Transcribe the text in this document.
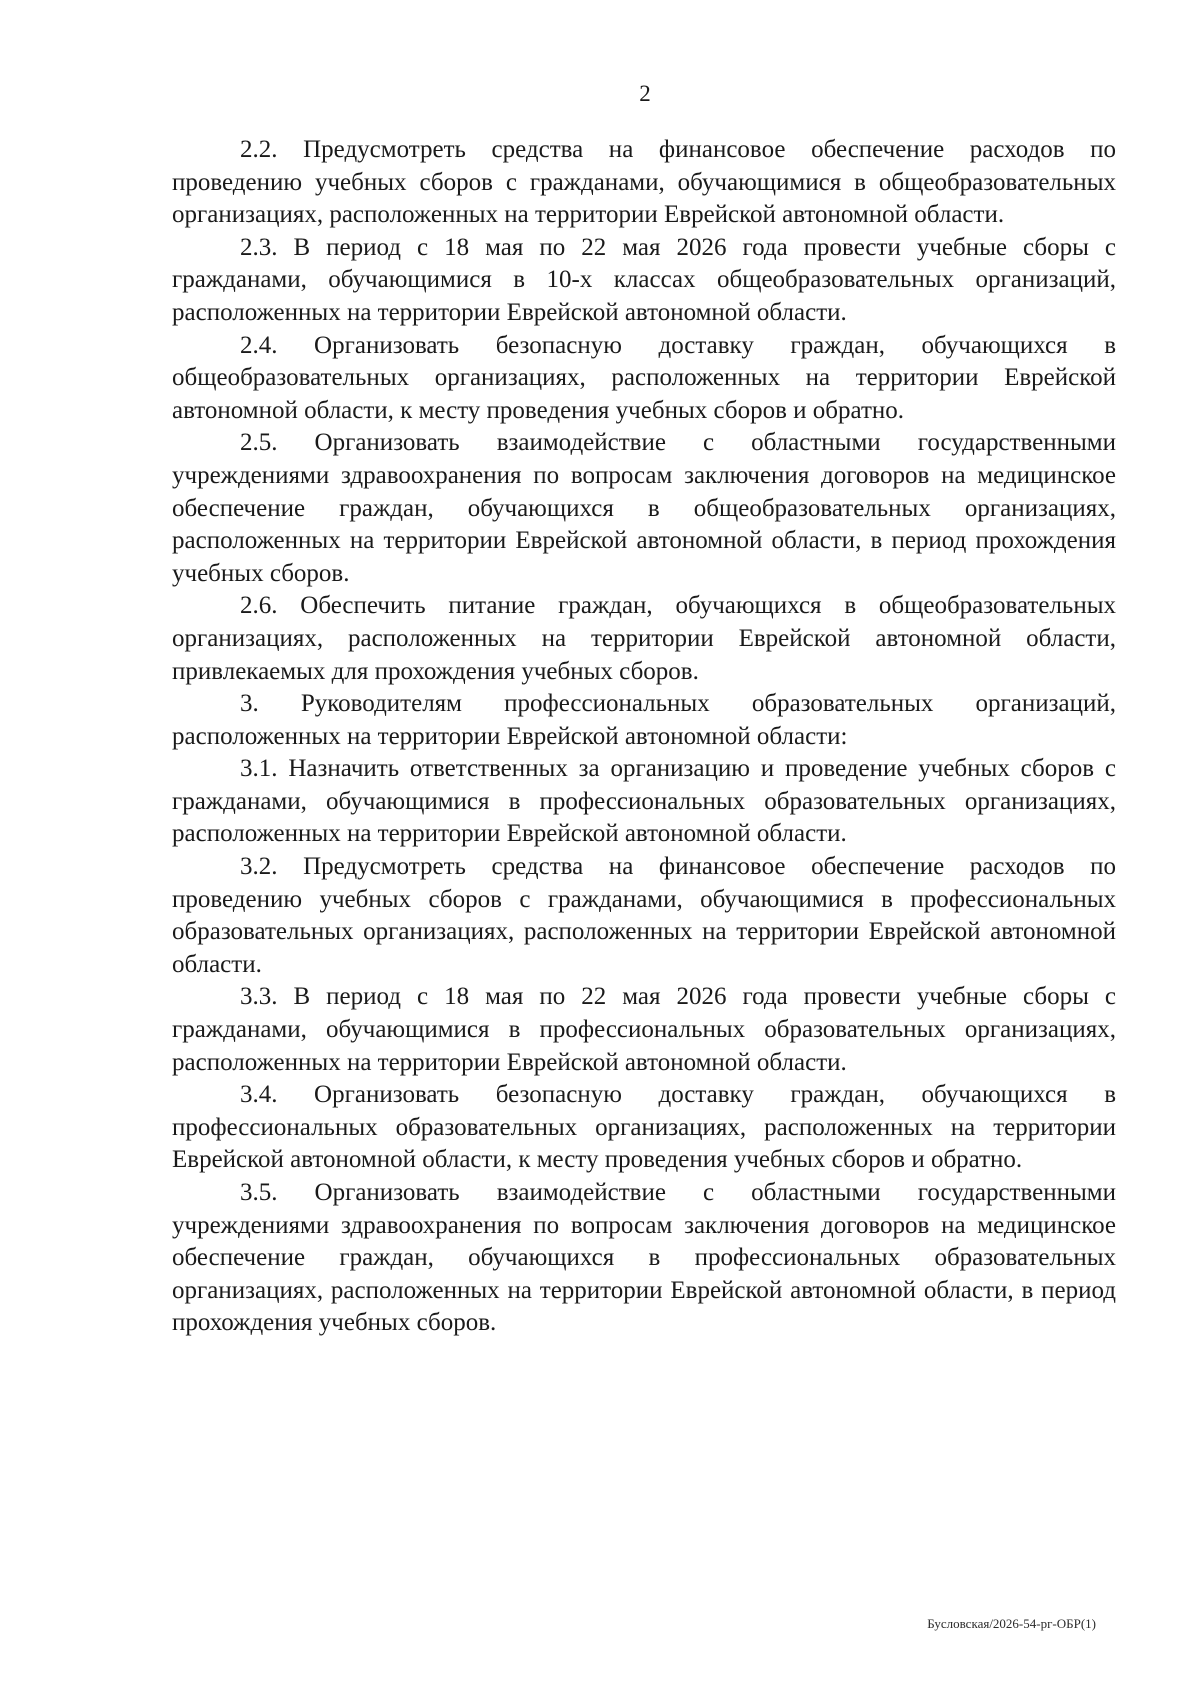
2

2.2. Предусмотреть средства на финансовое обеспечение расходов по проведению учебных сборов с гражданами, обучающимися в общеобразовательных организациях, расположенных на территории Еврейской автономной области.

2.3. В период с 18 мая по 22 мая 2026 года провести учебные сборы с гражданами, обучающимися в 10-х классах общеобразовательных организаций, расположенных на территории Еврейской автономной области.

2.4. Организовать безопасную доставку граждан, обучающихся в общеобразовательных организациях, расположенных на территории Еврейской автономной области, к месту проведения учебных сборов и обратно.

2.5. Организовать взаимодействие с областными государственными учреждениями здравоохранения по вопросам заключения договоров на медицинское обеспечение граждан, обучающихся в общеобразовательных организациях, расположенных на территории Еврейской автономной области, в период прохождения учебных сборов.

2.6. Обеспечить питание граждан, обучающихся в общеобразовательных организациях, расположенных на территории Еврейской автономной области, привлекаемых для прохождения учебных сборов.

3. Руководителям профессиональных образовательных организаций, расположенных на территории Еврейской автономной области:

3.1. Назначить ответственных за организацию и проведение учебных сборов с гражданами, обучающимися в профессиональных образовательных организациях, расположенных на территории Еврейской автономной области.

3.2. Предусмотреть средства на финансовое обеспечение расходов по проведению учебных сборов с гражданами, обучающимися в профессиональных образовательных организациях, расположенных на территории Еврейской автономной области.

3.3. В период с 18 мая по 22 мая 2026 года провести учебные сборы с гражданами, обучающимися в профессиональных образовательных организациях, расположенных на территории Еврейской автономной области.

3.4. Организовать безопасную доставку граждан, обучающихся в профессиональных образовательных организациях, расположенных на территории Еврейской автономной области, к месту проведения учебных сборов и обратно.

3.5. Организовать взаимодействие с областными государственными учреждениями здравоохранения по вопросам заключения договоров на медицинское обеспечение граждан, обучающихся в профессиональных образовательных организациях, расположенных на территории Еврейской автономной области, в период прохождения учебных сборов.

Бусловская/2026-54-рг-ОБР(1)
